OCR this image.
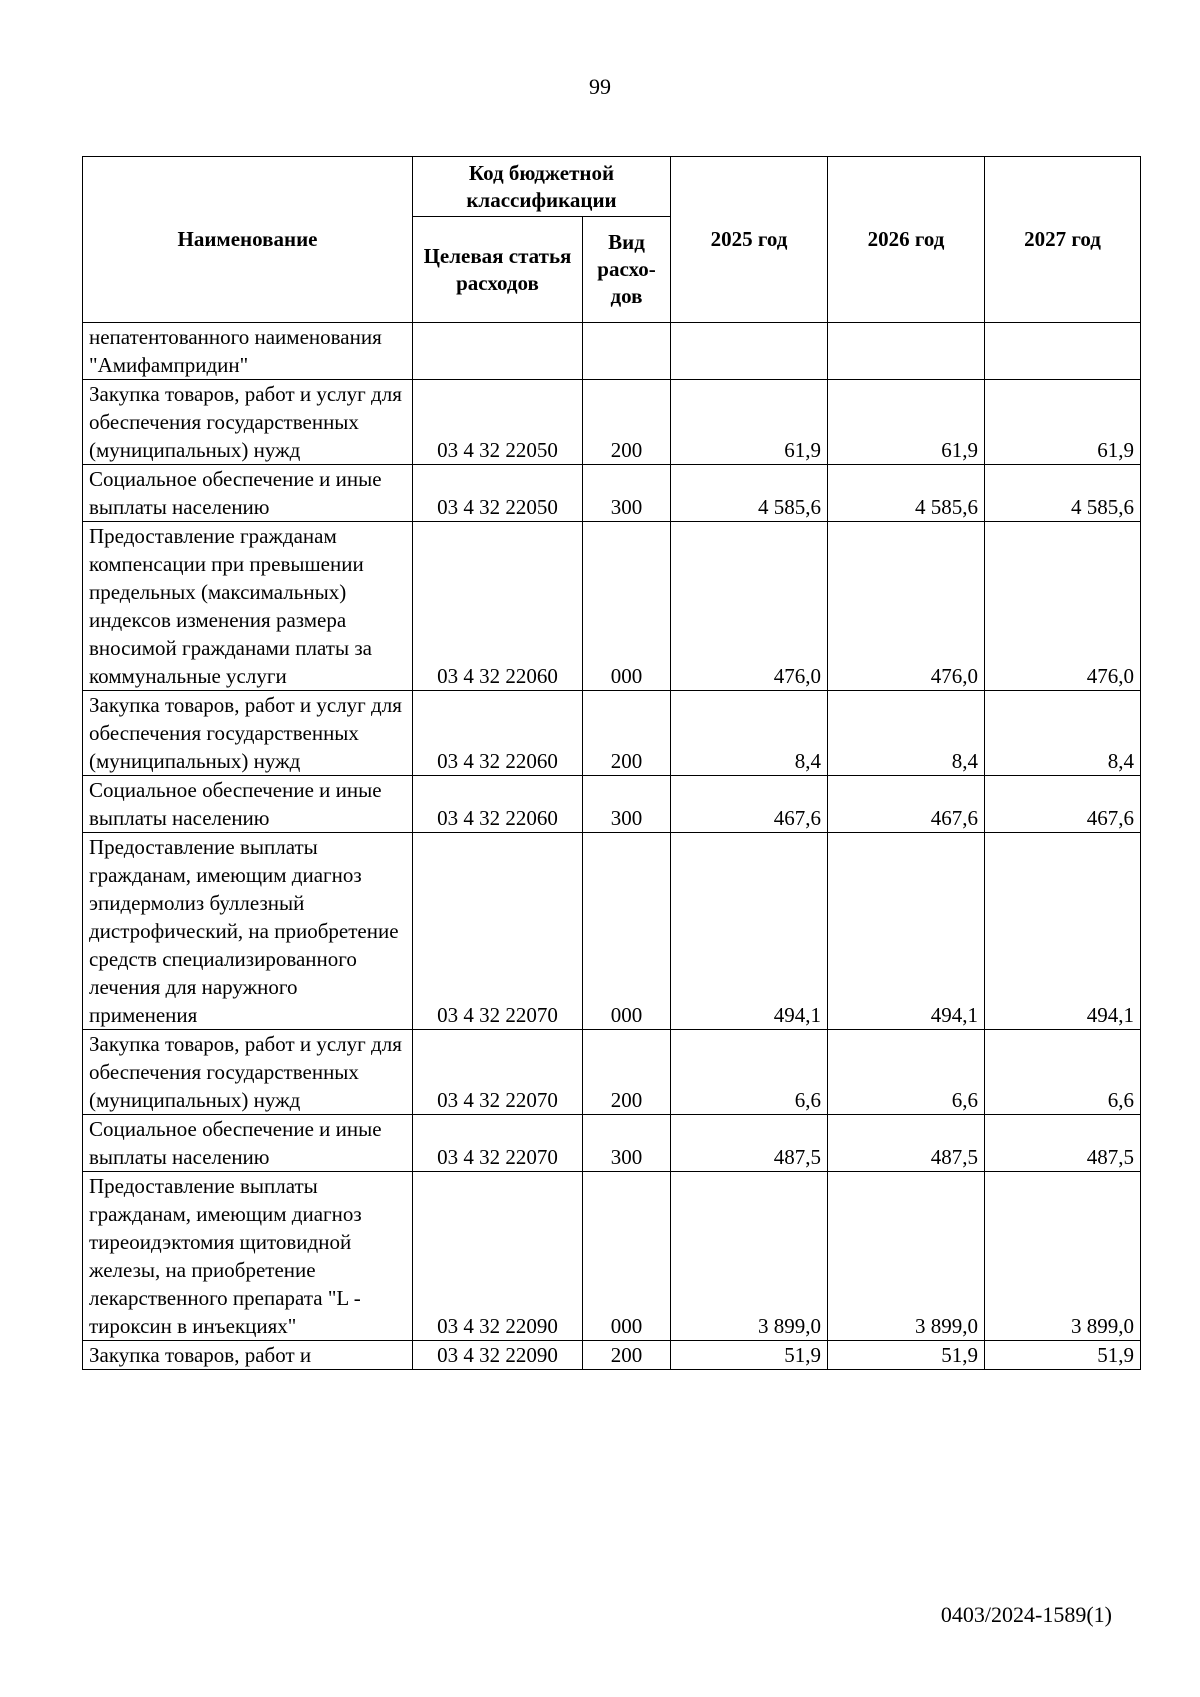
99
Наименование	Код бюджетной классификации		2025 год	2026 год	2027 год
	Целевая статья расходов	Вид расхо-дов			
непатентованного наименования "Амифампридин"					
Закупка товаров, работ и услуг для обеспечения государственных (муниципальных) нужд	03 4 32 22050	200	61,9	61,9	61,9
Социальное обеспечение и иные выплаты населению	03 4 32 22050	300	4 585,6	4 585,6	4 585,6
Предоставление гражданам компенсации при превышении предельных (максимальных) индексов изменения размера вносимой гражданами платы за коммунальные услуги	03 4 32 22060	000	476,0	476,0	476,0
Закупка товаров, работ и услуг для обеспечения государственных (муниципальных) нужд	03 4 32 22060	200	8,4	8,4	8,4
Социальное обеспечение и иные выплаты населению	03 4 32 22060	300	467,6	467,6	467,6
Предоставление выплаты гражданам, имеющим диагноз эпидермолиз буллезный дистрофический, на приобретение средств специализированного лечения для наружного применения	03 4 32 22070	000	494,1	494,1	494,1
Закупка товаров, работ и услуг для обеспечения государственных (муниципальных) нужд	03 4 32 22070	200	6,6	6,6	6,6
Социальное обеспечение и иные выплаты населению	03 4 32 22070	300	487,5	487,5	487,5
Предоставление выплаты гражданам, имеющим диагноз тиреоидэктомия щитовидной железы, на приобретение лекарственного препарата "L - тироксин в инъекциях"	03 4 32 22090	000	3 899,0	3 899,0	3 899,0
Закупка товаров, работ и	03 4 32 22090	200	51,9	51,9	51,9
0403/2024-1589(1)
